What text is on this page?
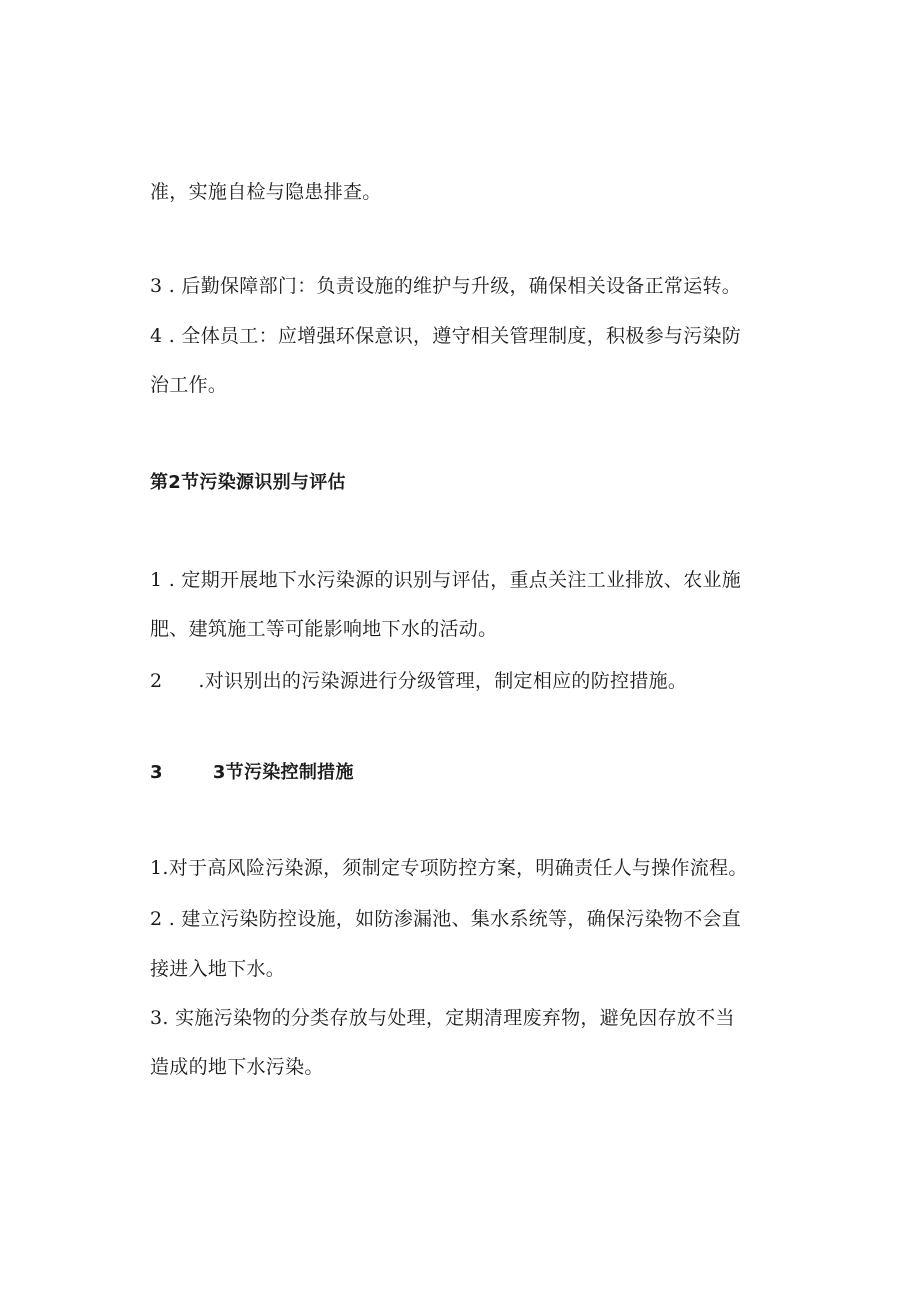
准，实施自检与隐患排查。
3 . 后勤保障部门：负责设施的维护与升级，确保相关设备正常运转。
4 . 全体员工：应增强环保意识，遵守相关管理制度，积极参与污染防
治工作。
第2节污染源识别与评估
1 . 定期开展地下水污染源的识别与评估，重点关注工业排放、农业施
肥、建筑施工等可能影响地下水的活动。
2 .对识别出的污染源进行分级管理，制定相应的防控措施。
3	3节污染控制措施
1.对于高风险污染源，须制定专项防控方案，明确责任人与操作流程。
2 . 建立污染防控设施，如防渗漏池、集水系统等，确保污染物不会直
接进入地下水。
3. 实施污染物的分类存放与处理，定期清理废弃物，避免因存放不当
造成的地下水污染。
